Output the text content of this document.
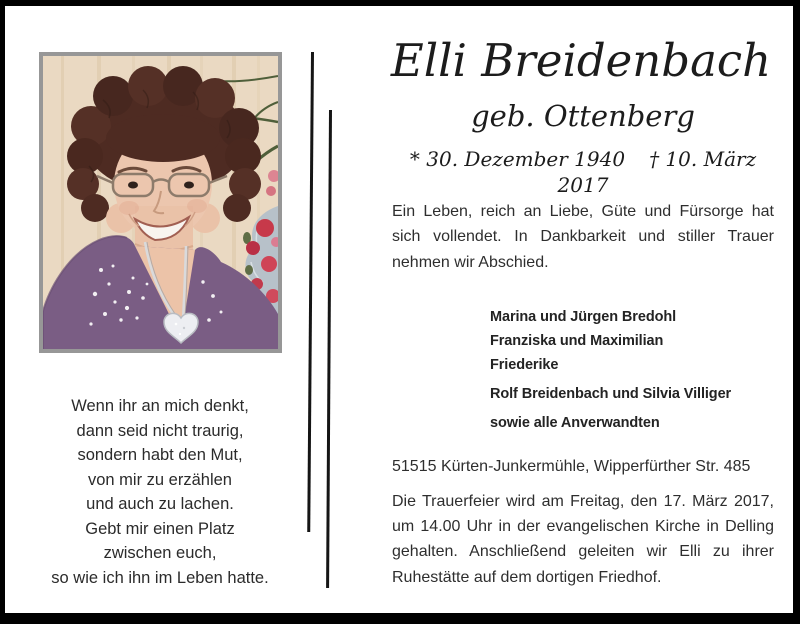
Wenn ihr an mich denkt,
dann seid nicht traurig,
sondern habt den Mut,
von mir zu erzählen
und auch zu lachen.
Gebt mir einen Platz
zwischen euch,
so wie ich ihn im Leben hatte.
Elli Breidenbach
geb. Ottenberg
* 30. Dezember 1940 † 10. März 2017
Ein Leben, reich an Liebe, Güte und Fürsorge hat sich vollendet. In Dankbarkeit und stiller Trauer nehmen wir Abschied.
Marina und Jürgen Bredohl
Franziska und Maximilian
Friederike
Rolf Breidenbach und Silvia Villiger
sowie alle Anverwandten
51515 Kürten-Junkermühle, Wipperfürther Str. 485
Die Trauerfeier wird am Freitag, den 17. März 2017, um 14.00 Uhr in der evangelischen Kirche in Delling gehalten. Anschließend geleiten wir Elli zu ihrer Ruhestätte auf dem dortigen Friedhof.
